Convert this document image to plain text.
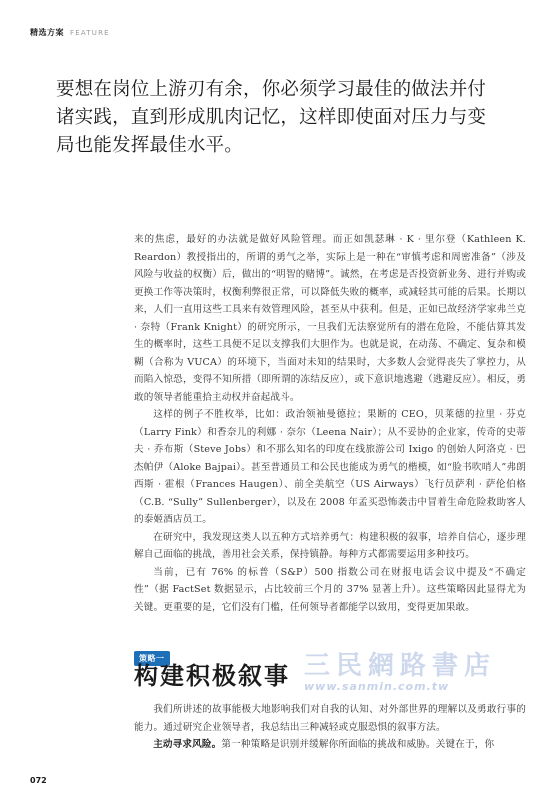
精选方案 FEATURE

要想在岗位上游刃有余，你必须学习最佳的做法并付诸实践，直到形成肌肉记忆，这样即使面对压力与变局也能发挥最佳水平。

来的焦虑，最好的办法就是做好风险管理。而正如凯瑟琳 · K · 里尔登（Kathleen K. Reardon）教授指出的，所谓的勇气之举，实际上是一种在“审慎考虑和周密准备”（涉及风险与收益的权衡）后，做出的“明智的赌博”。诚然，在考虑是否投资新业务、进行并购或更换工作等决策时，权衡利弊很正常，可以降低失败的概率，或减轻其可能的后果。长期以来，人们一直用这些工具来有效管理风险，甚至从中获利。但是，正如已故经济学家弗兰克 · 奈特（Frank Knight）的研究所示，一旦我们无法察觉所有的潜在危险，不能估算其发生的概率时，这些工具便不足以支撑我们大胆作为。也就是说，在动荡、不确定、复杂和模糊（合称为 VUCA）的环境下，当面对未知的结果时，大多数人会觉得丧失了掌控力，从而陷入惊恐，变得不知所措（即所谓的冻结反应），或下意识地逃避（逃避反应）。相反，勇敢的领导者能重拾主动权并奋起战斗。

这样的例子不胜枚举，比如：政治领袖曼德拉；果断的 CEO，贝莱德的拉里 · 芬克（Larry Fink）和香奈儿的利娜 · 奈尔（Leena Nair）；从不妥协的企业家，传奇的史蒂夫 · 乔布斯（Steve Jobs）和不那么知名的印度在线旅游公司 Ixigo 的创始人阿洛克 · 巴杰帕伊（Aloke Bajpai）。甚至普通员工和公民也能成为勇气的楷模，如“脸书吹哨人”弗朗西斯 · 霍根（Frances Haugen）、前全美航空（US Airways）飞行员萨利 · 萨伦伯格（C.B. “Sully” Sullenberger），以及在 2008 年孟买恐怖袭击中冒着生命危险救助客人的泰姬酒店员工。

在研究中，我发现这类人以五种方式培养勇气：构建积极的叙事，培养自信心，逐步理解自己面临的挑战，善用社会关系，保持镇静。每种方式都需要运用多种技巧。

当前，已有 76% 的标普（S&P）500 指数公司在财报电话会议中提及“不确定性”（据 FactSet 数据显示，占比较前三个月的 37% 显著上升）。这些策略因此显得尤为关键。更重要的是，它们没有门槛，任何领导者都能学以致用，变得更加果敢。

策略一
构建积极叙事 三民網路書店
www.sanmin.com.tw

我们所讲述的故事能极大地影响我们对自我的认知、对外部世界的理解以及勇敢行事的能力。通过研究企业领导者，我总结出三种减轻或克服恐惧的叙事方法。

主动寻求风险。第一种策略是识别并缓解你所面临的挑战和威胁。关键在于，你

072
